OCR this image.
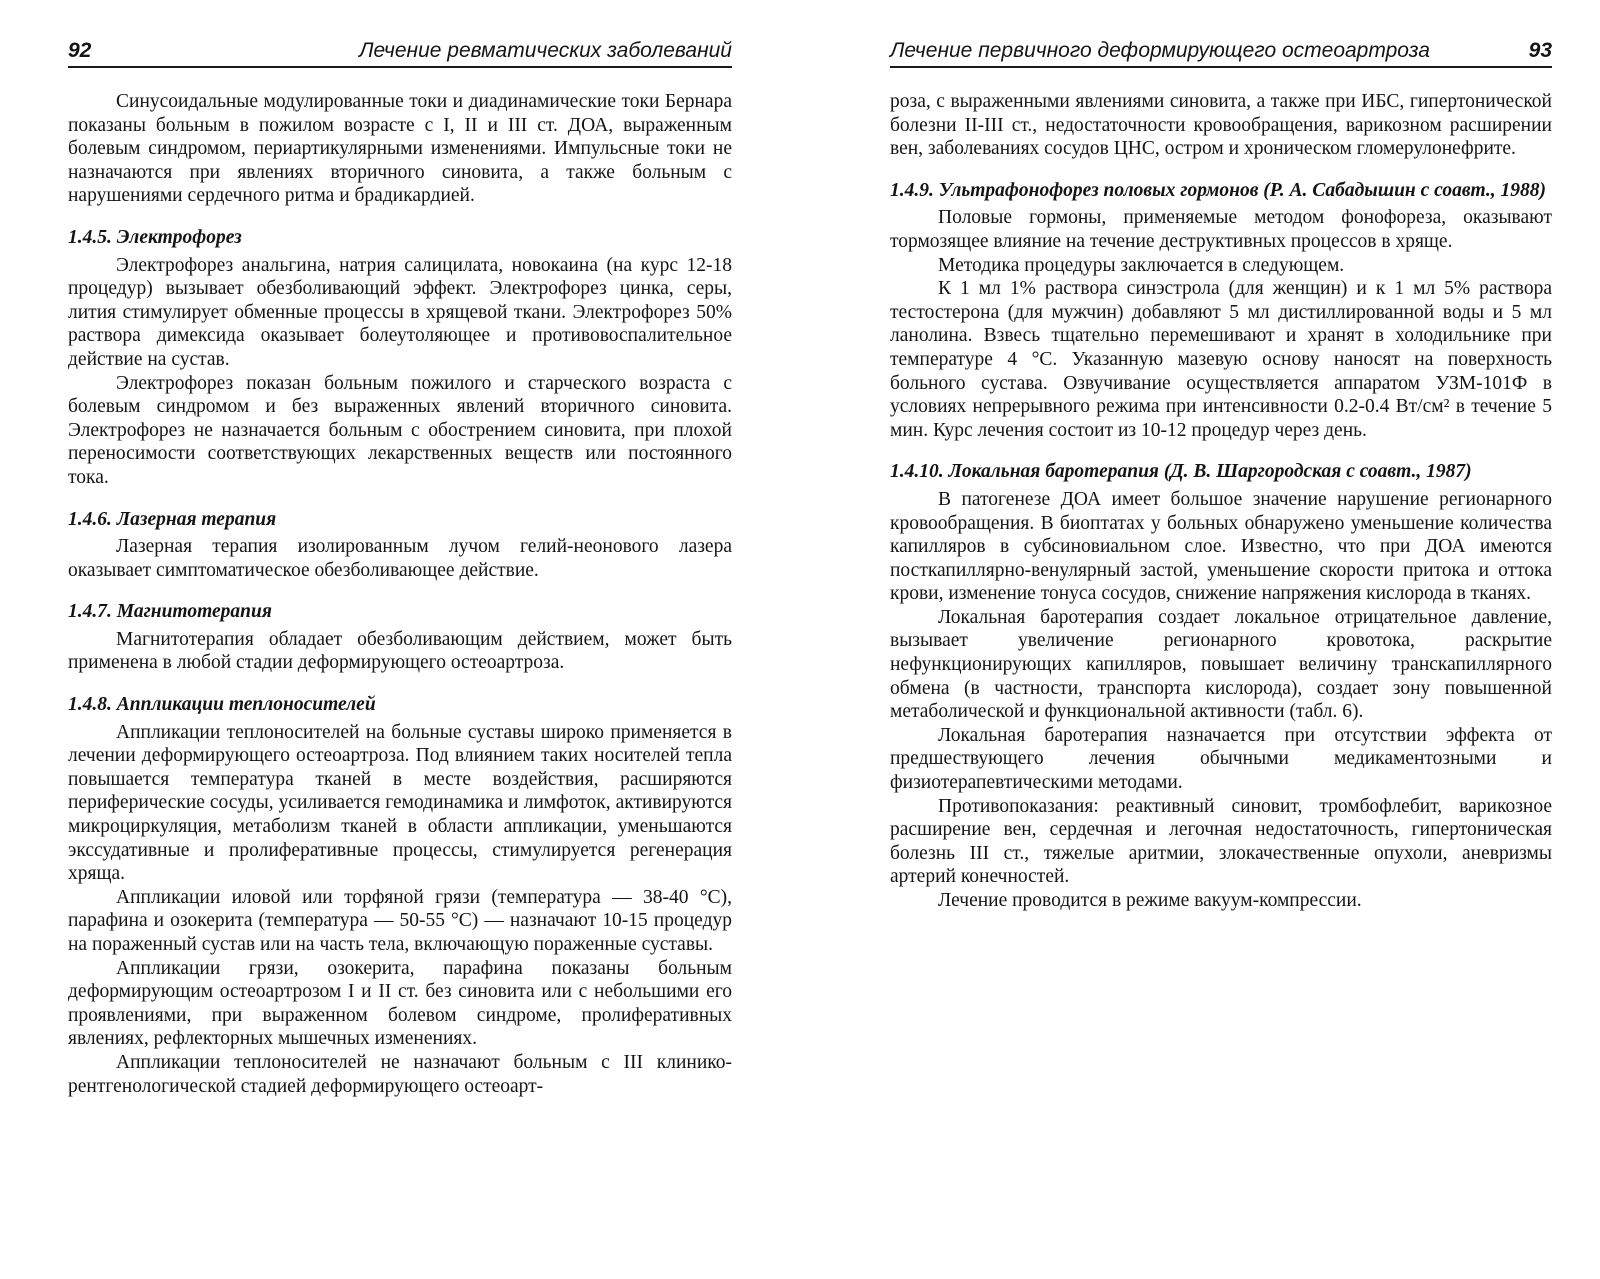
92	Лечение ревматических заболеваний

Синусоидальные модулированные токи и диадинамические токи Бернара показаны больным в пожилом возрасте с I, II и III ст. ДОА, выраженным болевым синдромом, периартикулярными изменениями. Импульсные токи не назначаются при явлениях вторичного синовита, а также больным с нарушениями сердечного ритма и брадикардией.

1.4.5. Электрофорез

Электрофорез анальгина, натрия салицилата, новокаина (на курс 12-18 процедур) вызывает обезболивающий эффект. Электрофорез цинка, серы, лития стимулирует обменные процессы в хрящевой ткани. Электрофорез 50% раствора димексида оказывает болеутоляющее и противовоспалительное действие на сустав.

Электрофорез показан больным пожилого и старческого возраста с болевым синдромом и без выраженных явлений вторичного синовита. Электрофорез не назначается больным с обострением синовита, при плохой переносимости соответствующих лекарственных веществ или постоянного тока.

1.4.6. Лазерная терапия

Лазерная терапия изолированным лучом гелий-неонового лазера оказывает симптоматическое обезболивающее действие.

1.4.7. Магнитотерапия

Магнитотерапия обладает обезболивающим действием, может быть применена в любой стадии деформирующего остеоартроза.

1.4.8. Аппликации теплоносителей

Аппликации теплоносителей на больные суставы широко применяется в лечении деформирующего остеоартроза. Под влиянием таких носителей тепла повышается температура тканей в месте воздействия, расширяются периферические сосуды, усиливается гемодинамика и лимфоток, активируются микроциркуляция, метаболизм тканей в области аппликации, уменьшаются экссудативные и пролиферативные процессы, стимулируется регенерация хряща.

Аппликации иловой или торфяной грязи (температура — 38-40 °С), парафина и озокерита (температура — 50-55 °С) — назначают 10-15 процедур на пораженный сустав или на часть тела, включающую пораженные суставы.

Аппликации грязи, озокерита, парафина показаны больным деформирующим остеоартрозом I и II ст. без синовита или с небольшими его проявлениями, при выраженном болевом синдроме, пролиферативных явлениях, рефлекторных мышечных изменениях.

Аппликации теплоносителей не назначают больным с III клинико-рентгенологической стадией деформирующего остеоарт-

Лечение первичного деформирующего остеоартроза	93

роза, с выраженными явлениями синовита, а также при ИБС, гипертонической болезни II-III ст., недостаточности кровообращения, варикозном расширении вен, заболеваниях сосудов ЦНС, остром и хроническом гломерулонефрите.

1.4.9. Ультрафонофорез половых гормонов (Р. А. Сабадышин с соавт., 1988)

Половые гормоны, применяемые методом фонофореза, оказывают тормозящее влияние на течение деструктивных процессов в хряще.

Методика процедуры заключается в следующем.

К 1 мл 1% раствора синэстрола (для женщин) и к 1 мл 5% раствора тестостерона (для мужчин) добавляют 5 мл дистиллированной воды и 5 мл ланолина. Взвесь тщательно перемешивают и хранят в холодильнике при температуре 4 °С. Указанную мазевую основу наносят на поверхность больного сустава. Озвучивание осуществляется аппаратом УЗМ-101Ф в условиях непрерывного режима при интенсивности 0.2-0.4 Вт/см² в течение 5 мин. Курс лечения состоит из 10-12 процедур через день.

1.4.10. Локальная баротерапия (Д. В. Шаргородская с соавт., 1987)

В патогенезе ДОА имеет большое значение нарушение регионарного кровообращения. В биоптатах у больных обнаружено уменьшение количества капилляров в субсиновиальном слое. Известно, что при ДОА имеются посткапиллярно-венулярный застой, уменьшение скорости притока и оттока крови, изменение тонуса сосудов, снижение напряжения кислорода в тканях.

Локальная баротерапия создает локальное отрицательное давление, вызывает увеличение регионарного кровотока, раскрытие нефункционирующих капилляров, повышает величину транскапиллярного обмена (в частности, транспорта кислорода), создает зону повышенной метаболической и функциональной активности (табл. 6).

Локальная баротерапия назначается при отсутствии эффекта от предшествующего лечения обычными медикаментозными и физиотерапевтическими методами.

Противопоказания: реактивный синовит, тромбофлебит, варикозное расширение вен, сердечная и легочная недостаточность, гипертоническая болезнь III ст., тяжелые аритмии, злокачественные опухоли, аневризмы артерий конечностей.

Лечение проводится в режиме вакуум-компрессии.
